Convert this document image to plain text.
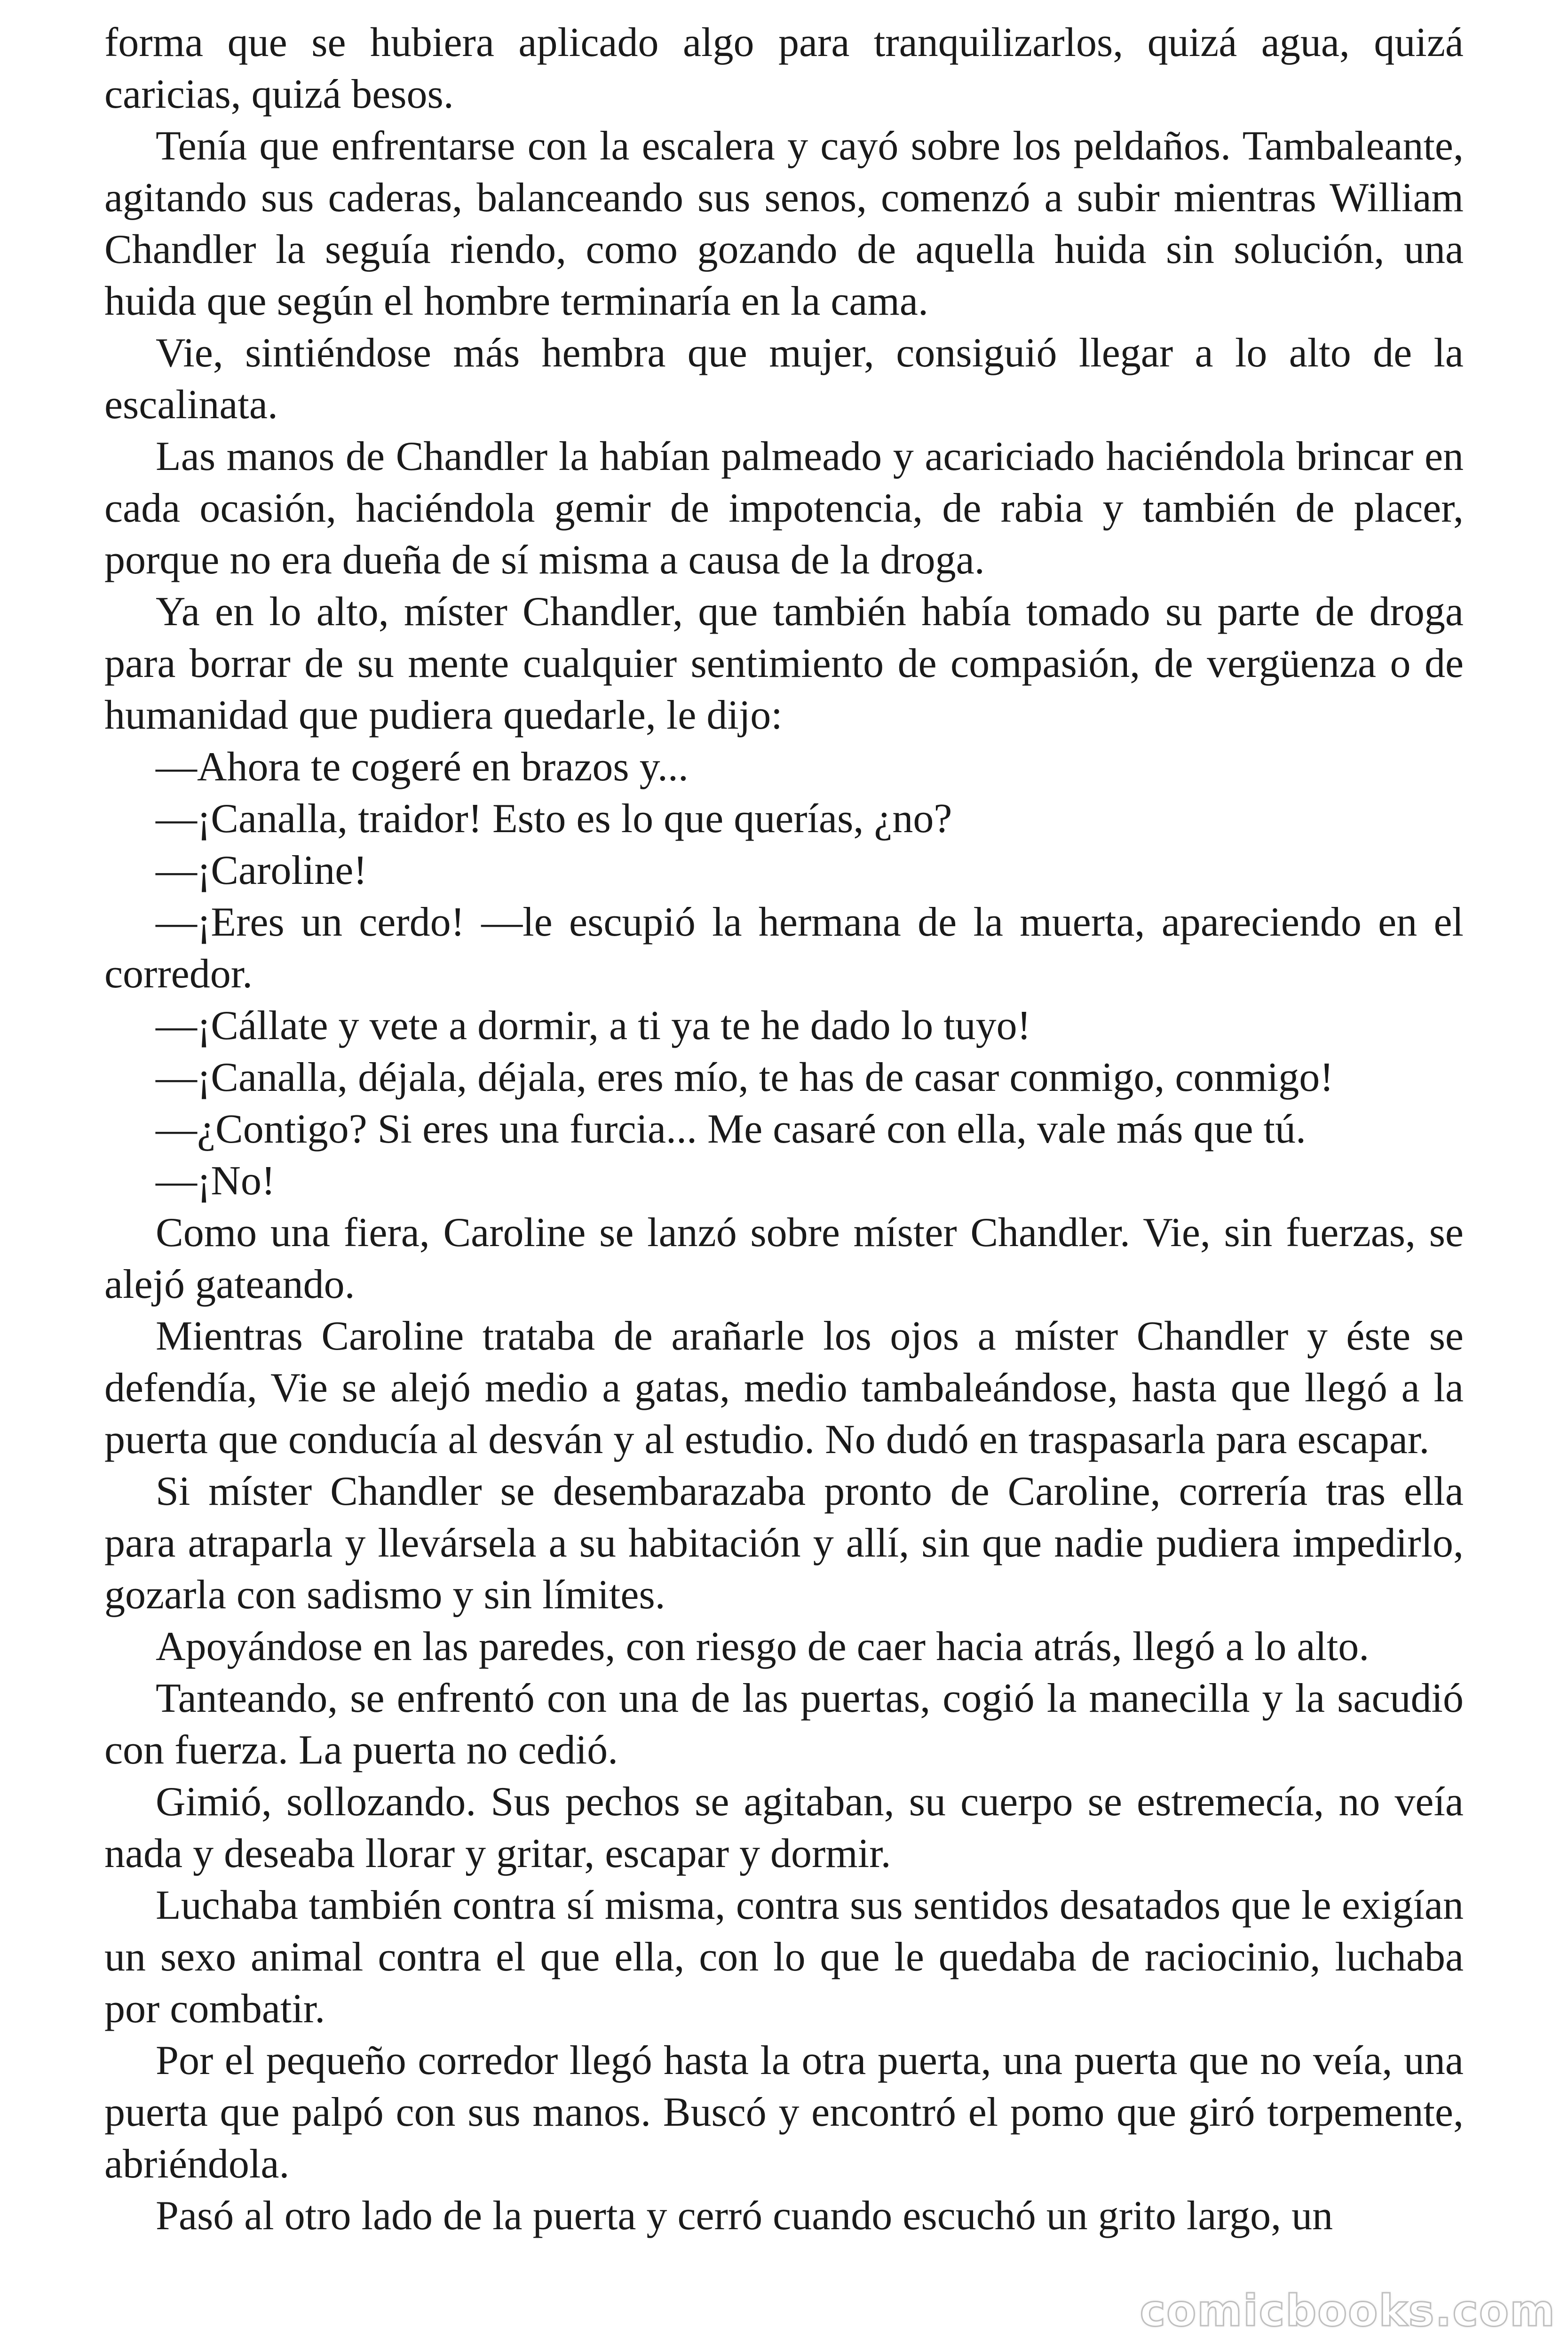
forma que se hubiera aplicado algo para tranquilizarlos, quizá agua, quizá caricias, quizá besos.

Tenía que enfrentarse con la escalera y cayó sobre los peldaños. Tambaleante, agitando sus caderas, balanceando sus senos, comenzó a subir mientras William Chandler la seguía riendo, como gozando de aquella huida sin solución, una huida que según el hombre terminaría en la cama.

Vie, sintiéndose más hembra que mujer, consiguió llegar a lo alto de la escalinata.

Las manos de Chandler la habían palmeado y acariciado haciéndola brincar en cada ocasión, haciéndola gemir de impotencia, de rabia y también de placer, porque no era dueña de sí misma a causa de la droga.

Ya en lo alto, míster Chandler, que también había tomado su parte de droga para borrar de su mente cualquier sentimiento de compasión, de vergüenza o de humanidad que pudiera quedarle, le dijo:

—Ahora te cogeré en brazos y...

—¡Canalla, traidor! Esto es lo que querías, ¿no?

—¡Caroline!

—¡Eres un cerdo! —le escupió la hermana de la muerta, apareciendo en el corredor.

—¡Cállate y vete a dormir, a ti ya te he dado lo tuyo!

—¡Canalla, déjala, déjala, eres mío, te has de casar conmigo, conmigo!

—¿Contigo? Si eres una furcia... Me casaré con ella, vale más que tú.

—¡No!

Como una fiera, Caroline se lanzó sobre míster Chandler. Vie, sin fuerzas, se alejó gateando.

Mientras Caroline trataba de arañarle los ojos a míster Chandler y éste se defendía, Vie se alejó medio a gatas, medio tambaleándose, hasta que llegó a la puerta que conducía al desván y al estudio. No dudó en traspasarla para escapar.

Si míster Chandler se desembarazaba pronto de Caroline, correría tras ella para atraparla y llevársela a su habitación y allí, sin que nadie pudiera impedirlo, gozarla con sadismo y sin límites.

Apoyándose en las paredes, con riesgo de caer hacia atrás, llegó a lo alto.

Tanteando, se enfrentó con una de las puertas, cogió la manecilla y la sacudió con fuerza. La puerta no cedió.

Gimió, sollozando. Sus pechos se agitaban, su cuerpo se estremecía, no veía nada y deseaba llorar y gritar, escapar y dormir.

Luchaba también contra sí misma, contra sus sentidos desatados que le exigían un sexo animal contra el que ella, con lo que le quedaba de raciocinio, luchaba por combatir.

Por el pequeño corredor llegó hasta la otra puerta, una puerta que no veía, una puerta que palpó con sus manos. Buscó y encontró el pomo que giró torpemente, abriéndola.

Pasó al otro lado de la puerta y cerró cuando escuchó un grito largo, un

comicbooks.com
